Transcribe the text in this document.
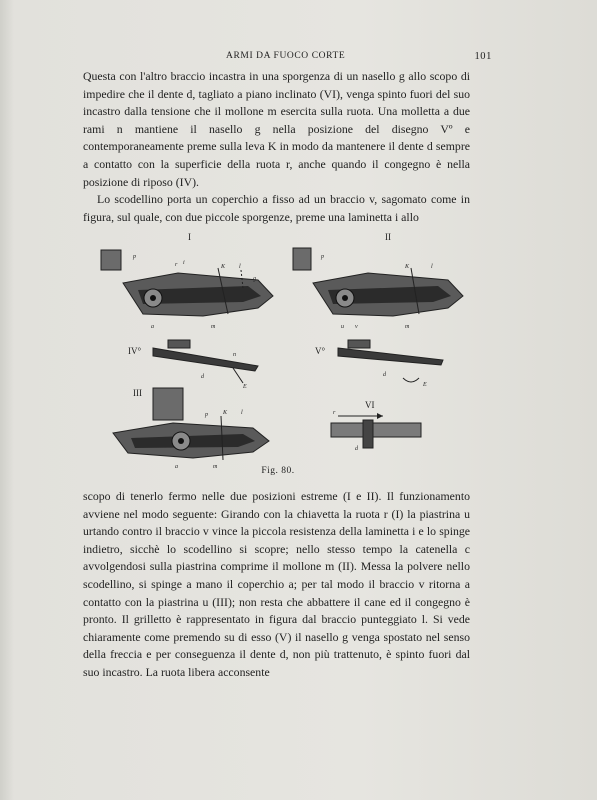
ARMI DA FUOCO CORTE	101

Questa con l'altro braccio incastra in una sporgenza di un nasello g allo scopo di impedire che il dente d, tagliato a piano inclinato (VI), venga spinto fuori del suo incastro dalla tensione che il mollone m esercita sulla ruota. Una molletta a due rami n mantiene il nasello g nella posizione del disegno Vº e contemporaneamente preme sulla leva K in modo da mantenere il dente d sempre a contatto con la superficie della ruota r, anche quando il congegno è nella posizione di riposo (IV).

Lo scodellino porta un coperchio a fisso ad un braccio v, sagomato come in figura, sul quale, con due piccole sporgenze, preme una laminetta i allo

I
p
r i
K l
g
a	m
II
p
K	l
u v	m
IV°
d
E
n	V°
d
E
III
p	K l
a	m
VI
r
d
Fig. 80.

scopo di tenerlo fermo nelle due posizioni estreme (I e II). Il funzionamento avviene nel modo seguente: Girando con la chiavetta la ruota r (I) la piastrina u urtando contro il braccio v vince la piccola resistenza della laminetta i e lo spinge indietro, sicchè lo scodellino si scopre; nello stesso tempo la catenella c avvolgendosi sulla piastrina comprime il mollone m (II). Messa la polvere nello scodellino, si spinge a mano il coperchio a; per tal modo il braccio v ritorna a contatto con la piastrina u (III); non resta che abbattere il cane ed il congegno è pronto. Il grilletto è rappresentato in figura dal braccio punteggiato l. Si vede chiaramente come premendo su di esso (V) il nasello g venga spostato nel senso della freccia e per conseguenza il dente d, non più trattenuto, è spinto fuori dal suo incastro. La ruota libera acconsente
